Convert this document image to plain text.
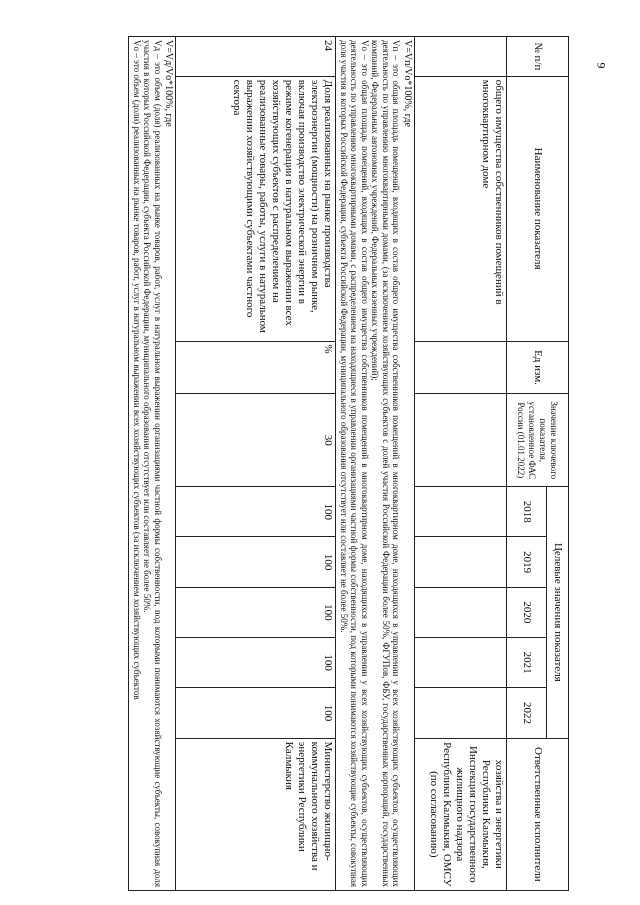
9
№ п/п	Наименование показателя	Ед изм.	Значение ключевого показателя, установленное ФАС России (01.01.2022)	Целевые значения показателя					Ответственные исполнители
				2018	2019	2020	2021	2022	
	общего имущества собственников помещений в многоквартирном доме								хозяйства и энергетики Республики Калмыкия, Инспекция государственного жилищного надзора Республики Калмыкия, ОМСУ (по согласованию)

V=Vп/Vо*100%, где
Vп – это общая площадь помещений, входящих в состав общего имущества собственников помещений в многоквартирном доме, находящихся в управлении у всех хозяйствующих субъектов, осуществляющих деятельность по управлению многоквартирными домами, (за исключением хозяйствующих субъектов с долей участия Российской Федерации более 50%, ФГУПов, ФБУ, государственных корпораций, государственных компаний, Федеральных автономных учреждений, Федеральных казенных учреждений);
Vо – это общая площадь помещений, входящих в состав общего имущества собственников помещений в многоквартирном доме, находящихся в управлении у всех хозяйствующих субъектов, осуществляющих деятельность по управлению многоквартирными домами, с распределением на находящиеся в управлении организациями частной формы собственности, под которыми понимаются хозяйствующие субъекты, совокупная доля участия в которых Российской Федерации, субъекта Российской Федерации, муниципального образования отсутствует или составляет не более 50%.									

24	Доля реализованных на рынке производства электроэнергии (мощности) на розничном рынке, включая производство электрической энергии в режиме когенерации в натуральном выражении всех хозяйствующих субъектов с распределением на реализованные товары, работы, услуги в натуральном выражении хозяйствующими субъектами частного сектора	%	30	100	100	100	100	100	Министерство жилищно-коммунального хозяйства и энергетики Республики Калмыкия

V=Vд/Vо*100%, где
Vд – это объем (доля) реализованных на рынке товаров, работ, услуг в натуральном выражении организациями частной формы собственности, под которыми понимаются хозяйствующие субъекты, совокупная доля участия в которых Российской Федерации, субъекта Российской Федерации, муниципального образования отсутствует или составляет не более 50%.
Vо – это объем (доли) реализованных на рынке товаров, работ, услуг в натуральном выражении всех хозяйствующих субъектов (за исключением хозяйствующих субъектов									
